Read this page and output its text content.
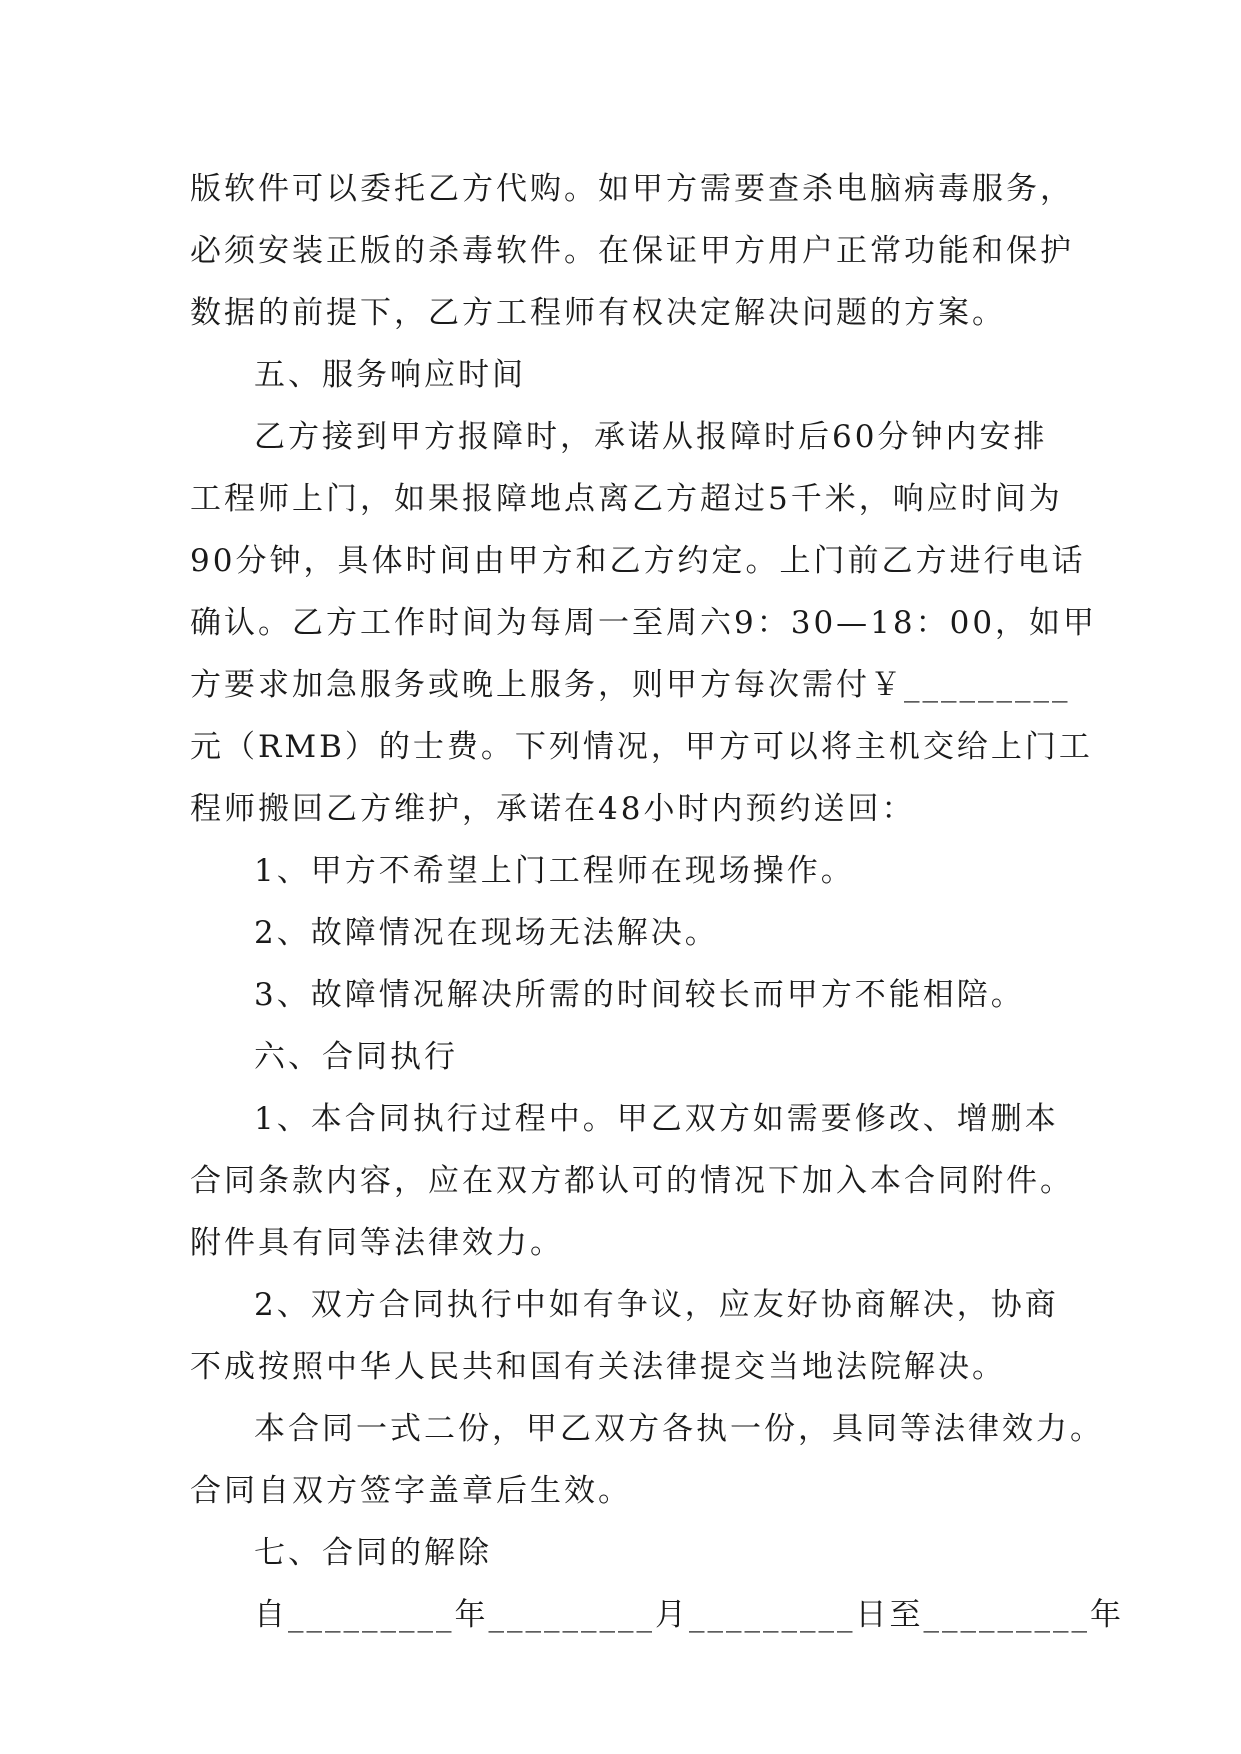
版软件可以委托乙方代购。如甲方需要查杀电脑病毒服务，
必须安装正版的杀毒软件。在保证甲方用户正常功能和保护
数据的前提下，乙方工程师有权决定解决问题的方案。
五、服务响应时间
乙方接到甲方报障时，承诺从报障时后60分钟内安排
工程师上门，如果报障地点离乙方超过5千米，响应时间为
90分钟，具体时间由甲方和乙方约定。上门前乙方进行电话
确认。乙方工作时间为每周一至周六9：30—18：00，如甲
方要求加急服务或晚上服务，则甲方每次需付￥_________
元（RMB）的士费。下列情况，甲方可以将主机交给上门工
程师搬回乙方维护，承诺在48小时内预约送回：
1、甲方不希望上门工程师在现场操作。
2、故障情况在现场无法解决。
3、故障情况解决所需的时间较长而甲方不能相陪。
六、合同执行
1、本合同执行过程中。甲乙双方如需要修改、增删本
合同条款内容，应在双方都认可的情况下加入本合同附件。
附件具有同等法律效力。
2、双方合同执行中如有争议，应友好协商解决，协商
不成按照中华人民共和国有关法律提交当地法院解决。
本合同一式二份，甲乙双方各执一份，具同等法律效力。
合同自双方签字盖章后生效。
七、合同的解除
自_________年_________月_________日至_________年
